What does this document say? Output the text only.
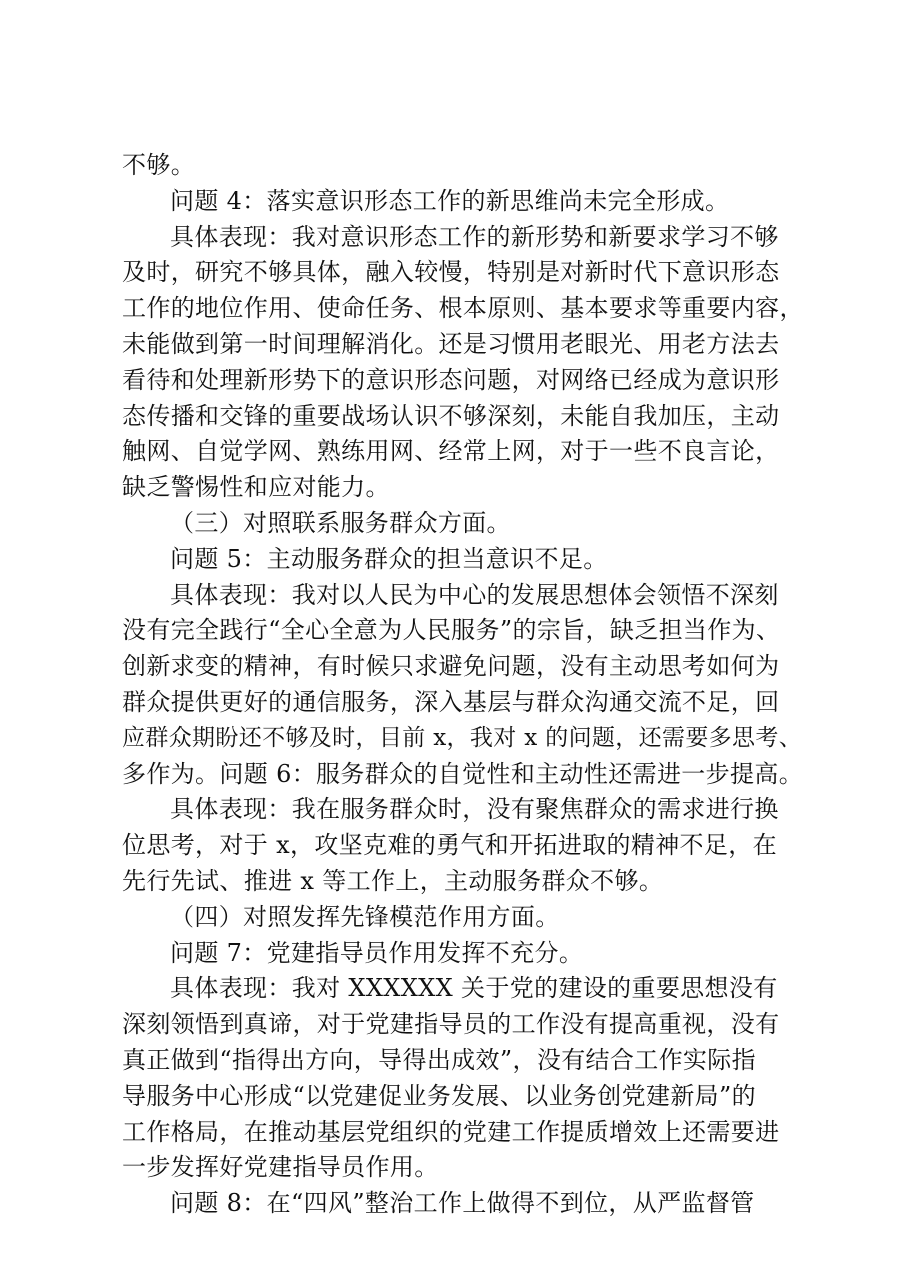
不够。
问题 4：落实意识形态工作的新思维尚未完全形成。
具体表现：我对意识形态工作的新形势和新要求学习不够
及时，研究不够具体，融入较慢，特别是对新时代下意识形态
工作的地位作用、使命任务、根本原则、基本要求等重要内容，
未能做到第一时间理解消化。还是习惯用老眼光、用老方法去
看待和处理新形势下的意识形态问题，对网络已经成为意识形
态传播和交锋的重要战场认识不够深刻，未能自我加压，主动
触网、自觉学网、熟练用网、经常上网，对于一些不良言论，
缺乏警惕性和应对能力。
（三）对照联系服务群众方面。
问题 5：主动服务群众的担当意识不足。
具体表现：我对以人民为中心的发展思想体会领悟不深刻
没有完全践行“全心全意为人民服务”的宗旨，缺乏担当作为、
创新求变的精神，有时候只求避免问题，没有主动思考如何为
群众提供更好的通信服务，深入基层与群众沟通交流不足，回
应群众期盼还不够及时，目前 x，我对 x 的问题，还需要多思考、
多作为。问题 6：服务群众的自觉性和主动性还需进一步提高。
具体表现：我在服务群众时，没有聚焦群众的需求进行换
位思考，对于 x，攻坚克难的勇气和开拓进取的精神不足，在
先行先试、推进 x 等工作上，主动服务群众不够。
（四）对照发挥先锋模范作用方面。
问题 7：党建指导员作用发挥不充分。
具体表现：我对 XXXXXX 关于党的建设的重要思想没有
深刻领悟到真谛，对于党建指导员的工作没有提高重视，没有
真正做到“指得出方向，导得出成效”，没有结合工作实际指
导服务中心形成“以党建促业务发展、以业务创党建新局”的
工作格局，在推动基层党组织的党建工作提质增效上还需要进
一步发挥好党建指导员作用。
问题 8：在“四风”整治工作上做得不到位，从严监督管
